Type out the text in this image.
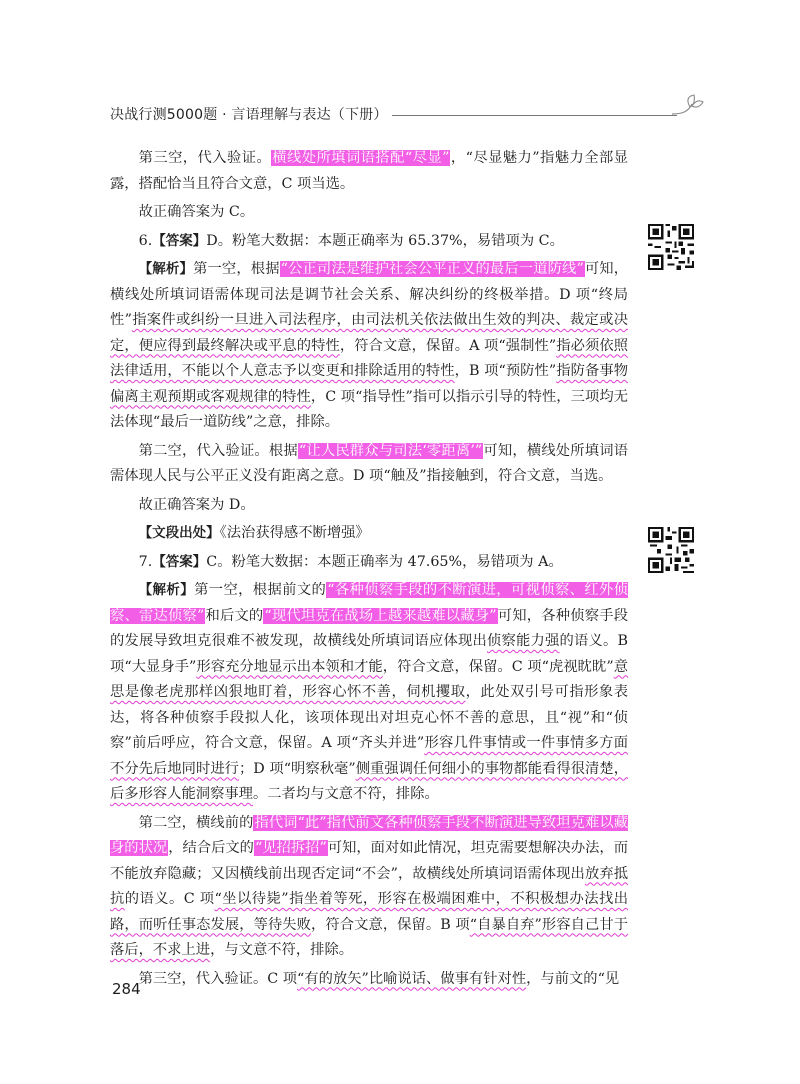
决战行测5000题 · 言语理解与表达（下册）

第三空，代入验证。横线处所填词语搭配“尽显”，“尽显魅力”指魅力全部显露，搭配恰当且符合文意，C 项当选。

故正确答案为 C。

6.【答案】D。粉笔大数据：本题正确率为 65.37%，易错项为 C。

【解析】第一空，根据“公正司法是维护社会公平正义的最后一道防线”可知，横线处所填词语需体现司法是调节社会关系、解决纠纷的终极举措。D 项“终局性”指案件或纠纷一旦进入司法程序，由司法机关依法做出生效的判决、裁定或决定，便应得到最终解决或平息的特性，符合文意，保留。A 项“强制性”指必须依照法律适用，不能以个人意志予以变更和排除适用的特性，B 项“预防性”指防备事物偏离主观预期或客观规律的特性，C 项“指导性”指可以指示引导的特性，三项均无法体现“最后一道防线”之意，排除。

第二空，代入验证。根据“让人民群众与司法‘零距离’”可知，横线处所填词语需体现人民与公平正义没有距离之意。D 项“触及”指接触到，符合文意，当选。

故正确答案为 D。

【文段出处】《法治获得感不断增强》

7.【答案】C。粉笔大数据：本题正确率为 47.65%，易错项为 A。

【解析】第一空，根据前文的“各种侦察手段的不断演进，可视侦察、红外侦察、雷达侦察”和后文的“现代坦克在战场上越来越难以藏身”可知，各种侦察手段的发展导致坦克很难不被发现，故横线处所填词语应体现出侦察能力强的语义。B 项“大显身手”形容充分地显示出本领和才能，符合文意，保留。C 项“虎视眈眈”意思是像老虎那样凶狠地盯着，形容心怀不善，伺机攫取，此处双引号可指形象表达，将各种侦察手段拟人化，该项体现出对坦克心怀不善的意思，且“视”和“侦察”前后呼应，符合文意，保留。A 项“齐头并进”形容几件事情或一件事情多方面不分先后地同时进行；D 项“明察秋毫”侧重强调任何细小的事物都能看得很清楚，后多形容人能洞察事理。二者均与文意不符，排除。

第二空，横线前的指代词“此”指代前文各种侦察手段不断演进导致坦克难以藏身的状况，结合后文的“见招拆招”可知，面对如此情况，坦克需要想解决办法，而不能放弃隐藏；又因横线前出现否定词“不会”，故横线处所填词语需体现出放弃抵抗的语义。C 项“坐以待毙”指坐着等死，形容在极端困难中，不积极想办法找出路，而听任事态发展，等待失败，符合文意，保留。B 项“自暴自弃”形容自己甘于落后，不求上进，与文意不符，排除。

第三空，代入验证。C 项“有的放矢”比喻说话、做事有针对性，与前文的“见

284
